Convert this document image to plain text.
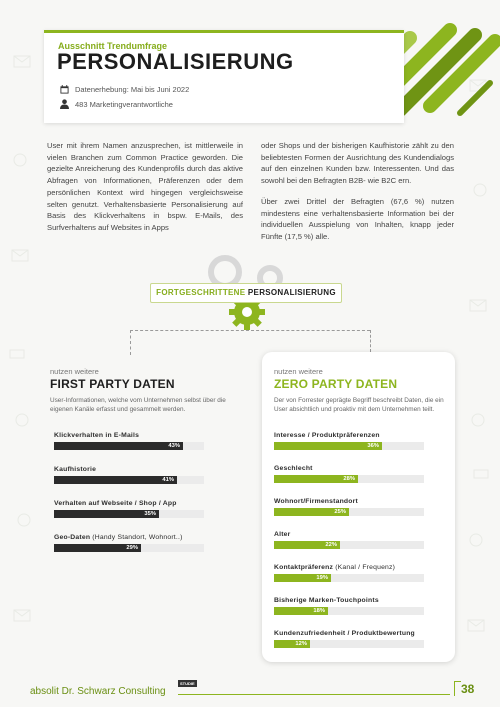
Ausschnitt Trendumfrage
PERSONALISIERUNG
Datenerhebung: Mai bis Juni 2022
483 Marketingverantwortliche

User mit ihrem Namen anzusprechen, ist mittlerweile in vielen Branchen zum Common Practice geworden. Die gezielte Anreicherung des Kundenprofils durch das aktive Abfragen von Informationen, Präferenzen oder dem persönlichen Kontext wird hingegen vergleichsweise selten genutzt. Verhaltensbasierte Personalisierung auf Basis des Klickverhaltens in bspw. E-Mails, des Surfverhaltens auf Websites in Apps

oder Shops und der bisherigen Kaufhistorie zählt zu den beliebtesten Formen der Ausrichtung des Kundendialogs auf den einzelnen Kunden bzw. Interessenten. Und das sowohl bei den Befragten B2B- wie B2C ern.

Über zwei Drittel der Befragten (67,6 %) nutzen mindestens eine verhaltensbasierte Information bei der individuellen Ausspielung von Inhalten, knapp jeder Fünfte (17,5 %) alle.

FORTGESCHRITTENE PERSONALISIERUNG
nutzen weitere
FIRST PARTY DATEN
User-Informationen, welche vom Unternehmen selbst über die eigenen Kanäle erfasst und gesammelt werden.
Klickverhalten in E-Mails
43%
Kaufhistorie
41%
Verhalten auf Webseite / Shop / App
35%
Geo-Daten (Handy Standort, Wohnort..)
29%
nutzen weitere
ZERO PARTY DATEN
Der von Forrester geprägte Begriff beschreibt Daten, die ein User absichtlich und proaktiv mit dem Unternehmen teilt.
Interesse / Produktpräferenzen
36%
Geschlecht
28%
Wohnort/Firmenstandort
25%
Alter
22%
Kontaktpräferenz (Kanal / Frequenz)
19%
Bisherige Marken-Touchpoints
18%
Kundenzufriedenheit / Produktbewertung
12%
absolit Dr. Schwarz Consulting
STUDIE	38
